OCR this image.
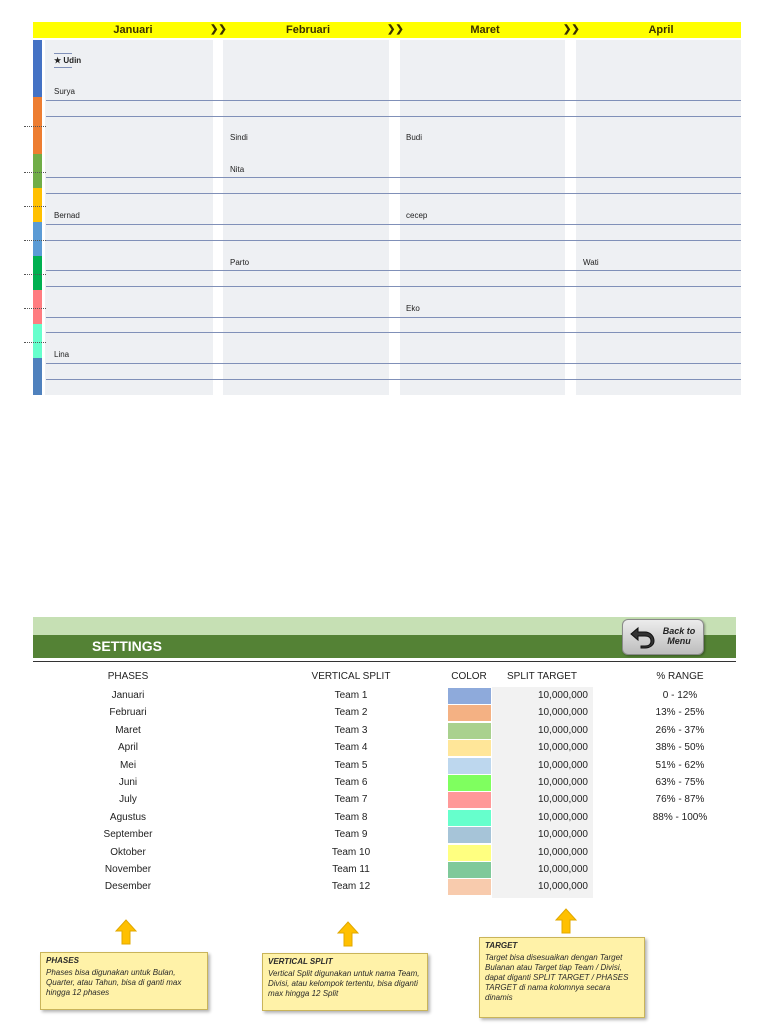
Januari	❯❯	Februari	❯❯	Maret	❯❯	April
★ Udin
Surya
Sindi	Budi
Nita
Bernad	cecep
Parto	Wati
Eko
Lina
SETTINGS
Back to
Menu
PHASES	VERTICAL SPLIT	COLOR	SPLIT TARGET	% RANGE
Januari	Team 1	10,000,000	0 - 12%
Februari	Team 2	10,000,000	13% - 25%
Maret	Team 3	10,000,000	26% - 37%
April	Team 4	10,000,000	38% - 50%
Mei	Team 5	10,000,000	51% - 62%
Juni	Team 6	10,000,000	63% - 75%
July	Team 7	10,000,000	76% - 87%
Agustus	Team 8	10,000,000	88% - 100%
September	Team 9	10,000,000
Oktober	Team 10	10,000,000
November	Team 11	10,000,000
Desember	Team 12	10,000,000
PHASES
Phases bisa digunakan untuk Bulan, Quarter, atau Tahun, bisa di ganti max hingga 12 phases
VERTICAL SPLIT
Vertical Split digunakan untuk nama Team, Divisi, atau kelompok tertentu, bisa diganti max hingga 12 Split
TARGET
Target bisa disesuaikan dengan Target Bulanan atau Target tiap Team / Divisi, dapat diganti SPLIT TARGET / PHASES TARGET di nama kolomnya secara dinamis
